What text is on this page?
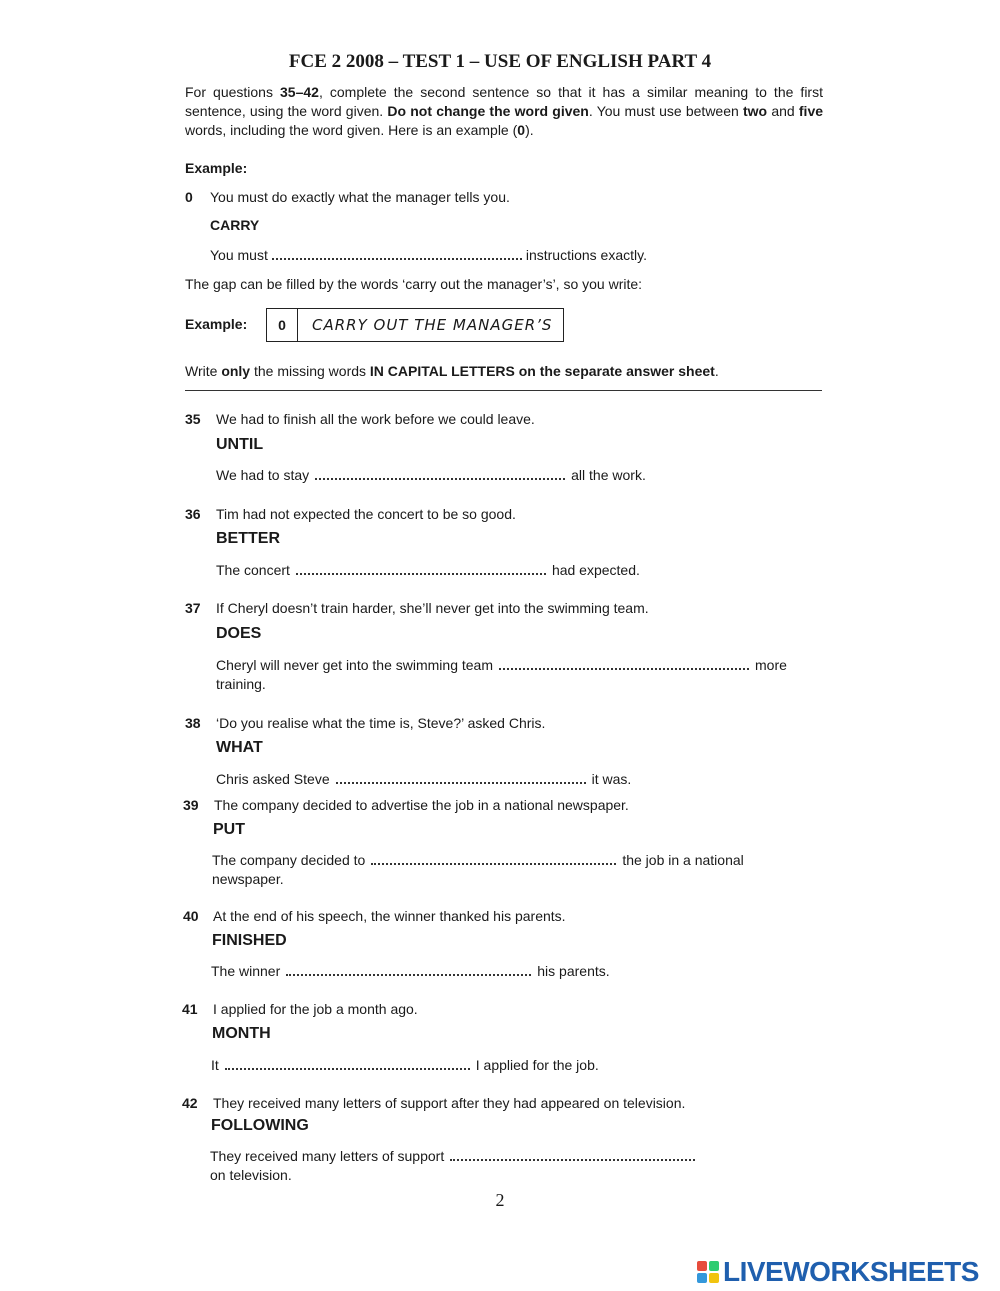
FCE 2 2008 – TEST 1 – USE OF ENGLISH PART 4
For questions 35–42, complete the second sentence so that it has a similar meaning to the first sentence, using the word given. Do not change the word given. You must use between two and five words, including the word given. Here is an example (0).
Example:
0 You must do exactly what the manager tells you.
CARRY
You must	instructions exactly.
The gap can be filled by the words ‘carry out the manager’s’, so you write:
Example:	0	CARRY OUT THE MANAGER’S
Write only the missing words IN CAPITAL LETTERS on the separate answer sheet.
35 We had to finish all the work before we could leave.
UNTIL
We had to stay	all the work.
36 Tim had not expected the concert to be so good.
BETTER
The concert	had expected.
37 If Cheryl doesn’t train harder, she’ll never get into the swimming team.
DOES
Cheryl will never get into the swimming team	more
training.
38 ‘Do you realise what the time is, Steve?’ asked Chris.
WHAT
Chris asked Steve	it was.
39 The company decided to advertise the job in a national newspaper.
PUT
The company decided to	the job in a national
newspaper.
40 At the end of his speech, the winner thanked his parents.
FINISHED
The winner	his parents.
41 I applied for the job a month ago.
MONTH
It	I applied for the job.
42 They received many letters of support after they had appeared on television.
FOLLOWING
They received many letters of support
on television.
2
LIVEWORKSHEETS
